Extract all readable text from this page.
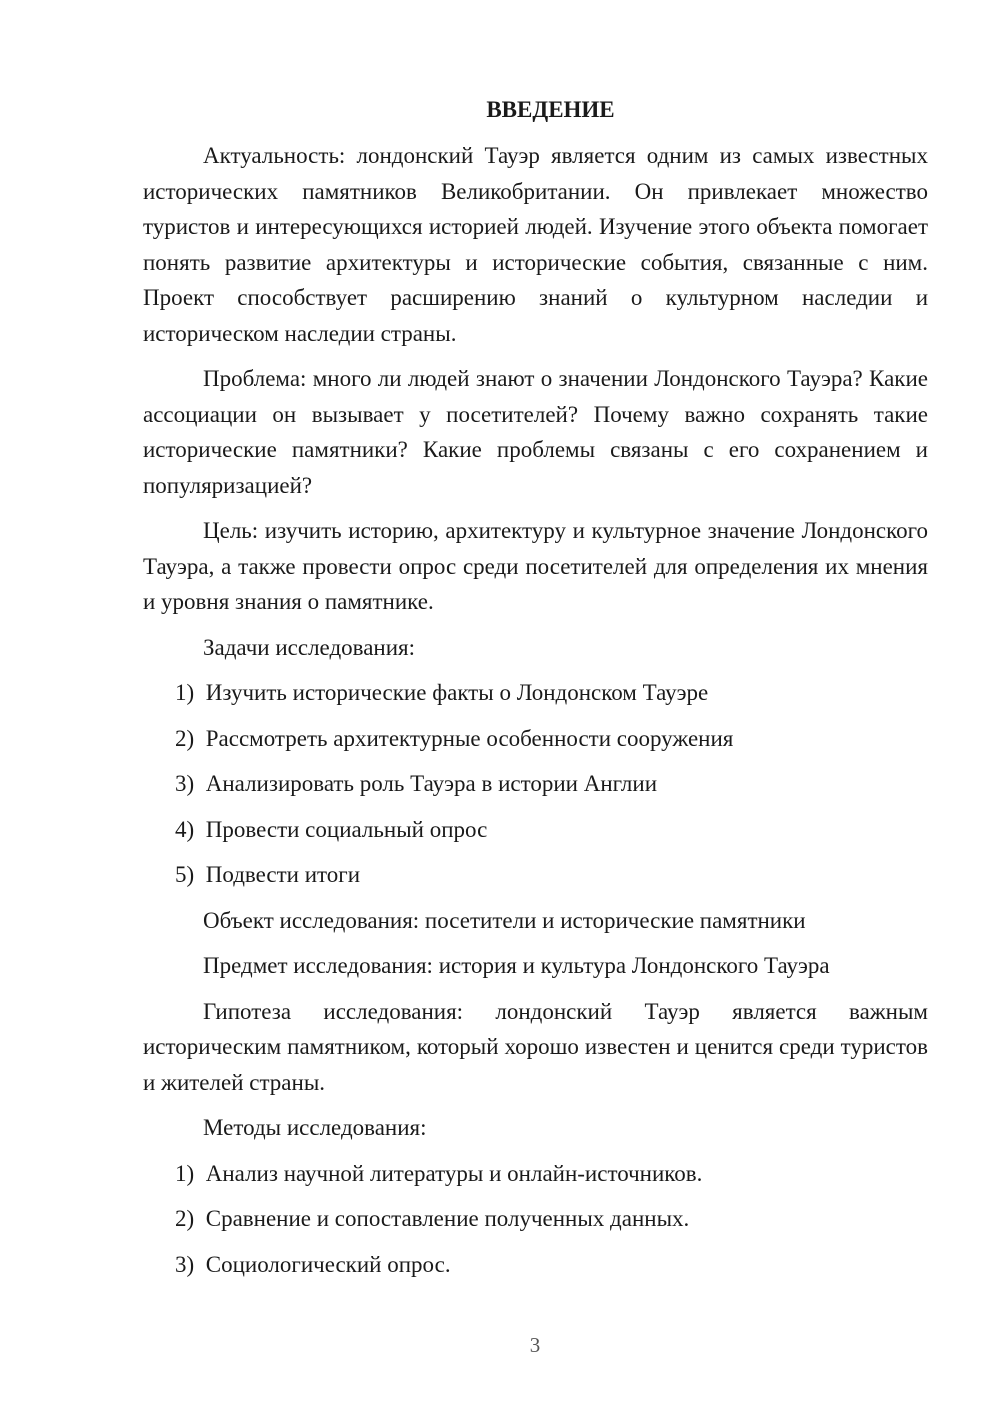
ВВЕДЕНИЕ

Актуальность: лондонский Тауэр является одним из самых известных исторических памятников Великобритании. Он привлекает множество туристов и интересующихся историей людей. Изучение этого объекта помогает понять развитие архитектуры и исторические события, связанные с ним. Проект способствует расширению знаний о культурном наследии и историческом наследии страны.

Проблема: много ли людей знают о значении Лондонского Тауэра? Какие ассоциации он вызывает у посетителей? Почему важно сохранять такие исторические памятники? Какие проблемы связаны с его сохранением и популяризацией?

Цель: изучить историю, архитектуру и культурное значение Лондонского Тауэра, а также провести опрос среди посетителей для определения их мнения и уровня знания о памятнике.

Задачи исследования:

1) Изучить исторические факты о Лондонском Тауэре
2) Рассмотреть архитектурные особенности сооружения
3) Анализировать роль Тауэра в истории Англии
4) Провести социальный опрос
5) Подвести итоги

Объект исследования: посетители и исторические памятники

Предмет исследования: история и культура Лондонского Тауэра

Гипотеза исследования: лондонский Тауэр является важным историческим памятником, который хорошо известен и ценится среди туристов и жителей страны.

Методы исследования:

1) Анализ научной литературы и онлайн-источников.
2) Сравнение и сопоставление полученных данных.
3) Социологический опрос.
3
